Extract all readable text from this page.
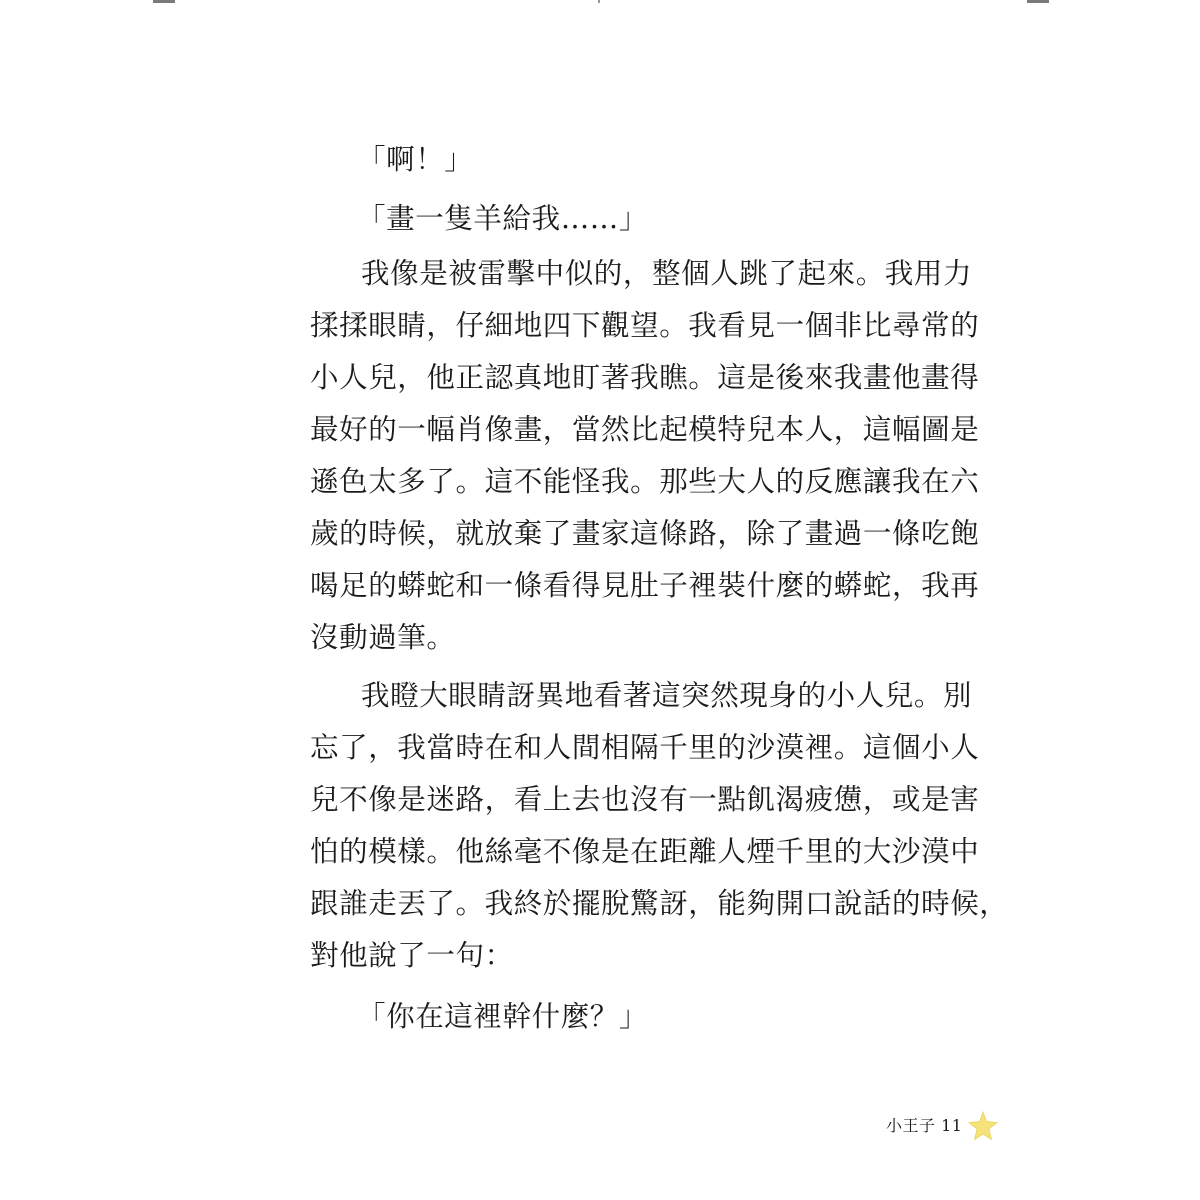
「啊！」
「畫一隻羊給我……」
我像是被雷擊中似的，整個人跳了起來。我用力
揉揉眼睛，仔細地四下觀望。我看見一個非比尋常的
小人兒，他正認真地盯著我瞧。這是後來我畫他畫得
最好的一幅肖像畫，當然比起模特兒本人，這幅圖是
遜色太多了。這不能怪我。那些大人的反應讓我在六
歲的時候，就放棄了畫家這條路，除了畫過一條吃飽
喝足的蟒蛇和一條看得見肚子裡裝什麼的蟒蛇，我再
沒動過筆。
我瞪大眼睛訝異地看著這突然現身的小人兒。別
忘了，我當時在和人間相隔千里的沙漠裡。這個小人
兒不像是迷路，看上去也沒有一點飢渴疲憊，或是害
怕的模樣。他絲毫不像是在距離人煙千里的大沙漠中
跟誰走丟了。我終於擺脫驚訝，能夠開口說話的時候，
對他說了一句：
「你在這裡幹什麼？」
小王子 11
